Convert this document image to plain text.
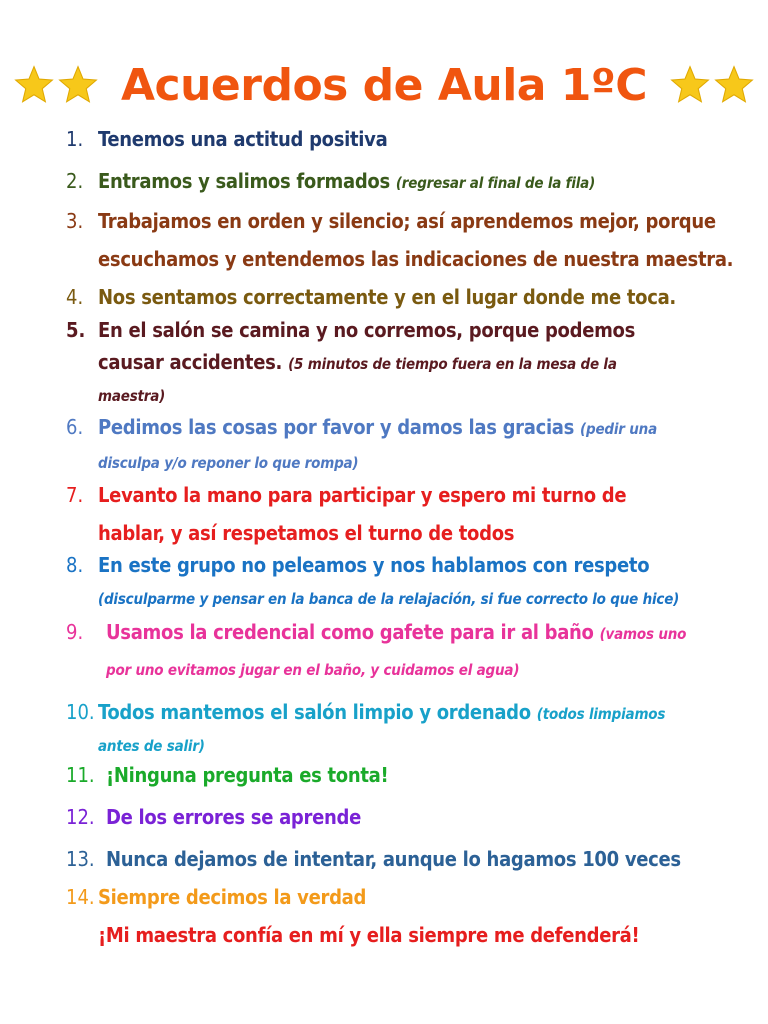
Acuerdos de Aula 1ºC
1. Tenemos una actitud positiva
2. Entramos y salimos formados (regresar al final de la fila)
3. Trabajamos en orden y silencio; así aprendemos mejor, porque
escuchamos y entendemos las indicaciones de nuestra maestra.
4. Nos sentamos correctamente y en el lugar donde me toca.
5. En el salón se camina y no corremos, porque podemos
causar accidentes. (5 minutos de tiempo fuera en la mesa de la
maestra)
6. Pedimos las cosas por favor y damos las gracias (pedir una
disculpa y/o reponer lo que rompa)
7. Levanto la mano para participar y espero mi turno de
hablar, y así respetamos el turno de todos
8. En este grupo no peleamos y nos hablamos con respeto
(disculparme y pensar en la banca de la relajación, si fue correcto lo que hice)
9.	Usamos la credencial como gafete para ir al baño (vamos uno
por uno evitamos jugar en el baño, y cuidamos el agua)
10. Todos mantemos el salón limpio y ordenado (todos limpiamos
antes de salir)
11. ¡Ninguna pregunta es tonta!
12. De los errores se aprende
13. Nunca dejamos de intentar, aunque lo hagamos 100 veces
14. Siempre decimos la verdad
¡Mi maestra confía en mí y ella siempre me defenderá!
